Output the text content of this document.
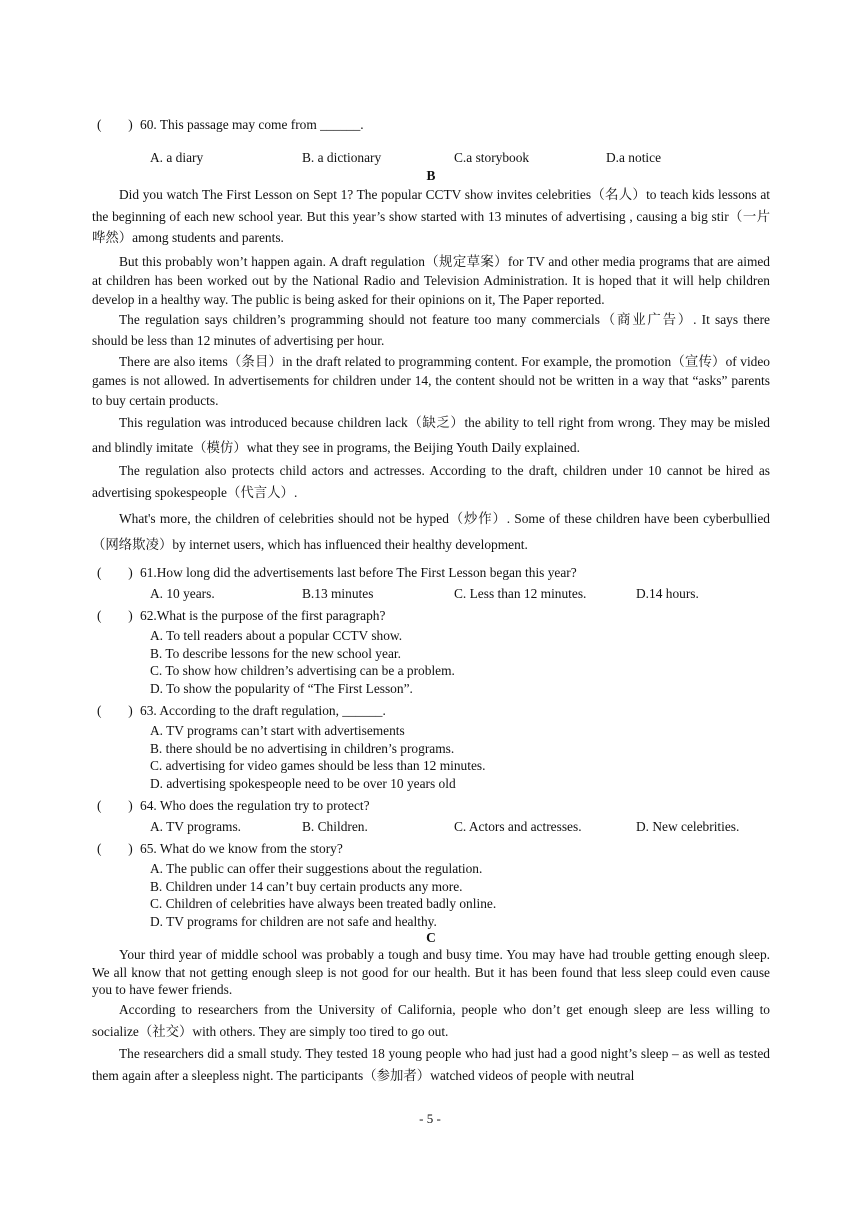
(　　) 60. This passage may come from ______.
A. a diary	B. a dictionary	C.a storybook	D.a notice
B

Did you watch The First Lesson on Sept 1? The popular CCTV show invites celebrities（名人）to teach kids lessons at the beginning of each new school year. But this year’s show started with 13 minutes of advertising , causing a big stir（一片哗然）among students and parents.

But this probably won’t happen again. A draft regulation（规定草案）for TV and other media programs that are aimed at children has been worked out by the National Radio and Television Administration. It is hoped that it will help children develop in a healthy way. The public is being asked for their opinions on it, The Paper reported.

The regulation says children’s programming should not feature too many commercials（商业广告）. It says there should be less than 12 minutes of advertising per hour.

There are also items（条目）in the draft related to programming content. For example, the promotion（宣传）of video games is not allowed. In advertisements for children under 14, the content should not be written in a way that “asks” parents to buy certain products.

This regulation was introduced because children lack（缺乏）the ability to tell right from wrong. They may be misled and blindly imitate（模仿）what they see in programs, the Beijing Youth Daily explained.

The regulation also protects child actors and actresses. According to the draft, children under 10 cannot be hired as advertising spokespeople（代言人）.

What's more, the children of celebrities should not be hyped（炒作）. Some of these children have been cyberbullied（网络欺凌）by internet users, which has influenced their healthy development.

(　　) 61.How long did the advertisements last before The First Lesson began this year?
A. 10 years.	B.13 minutes	C. Less than 12 minutes.	D.14 hours.
(　　) 62.What is the purpose of the first paragraph?
A. To tell readers about a popular CCTV show.
B. To describe lessons for the new school year.
C. To show how children’s advertising can be a problem.
D. To show the popularity of “The First Lesson”.
(　　) 63. According to the draft regulation, ______.
A. TV programs can’t start with advertisements
B. there should be no advertising in children’s programs.
C. advertising for video games should be less than 12 minutes.
D. advertising spokespeople need to be over 10 years old
(　　) 64. Who does the regulation try to protect?
A. TV programs.	B. Children.	C. Actors and actresses.	D. New celebrities.
(　　) 65. What do we know from the story?
A. The public can offer their suggestions about the regulation.
B. Children under 14 can’t buy certain products any more.
C. Children of celebrities have always been treated badly online.
D. TV programs for children are not safe and healthy.
C

Your third year of middle school was probably a tough and busy time. You may have had trouble getting enough sleep. We all know that not getting enough sleep is not good for our health. But it has been found that less sleep could even cause you to have fewer friends.

According to researchers from the University of California, people who don’t get enough sleep are less willing to socialize（社交）with others. They are simply too tired to go out.

The researchers did a small study. They tested 18 young people who had just had a good night’s sleep – as well as tested them again after a sleepless night. The participants（参加者）watched videos of people with neutral

- 5 -
